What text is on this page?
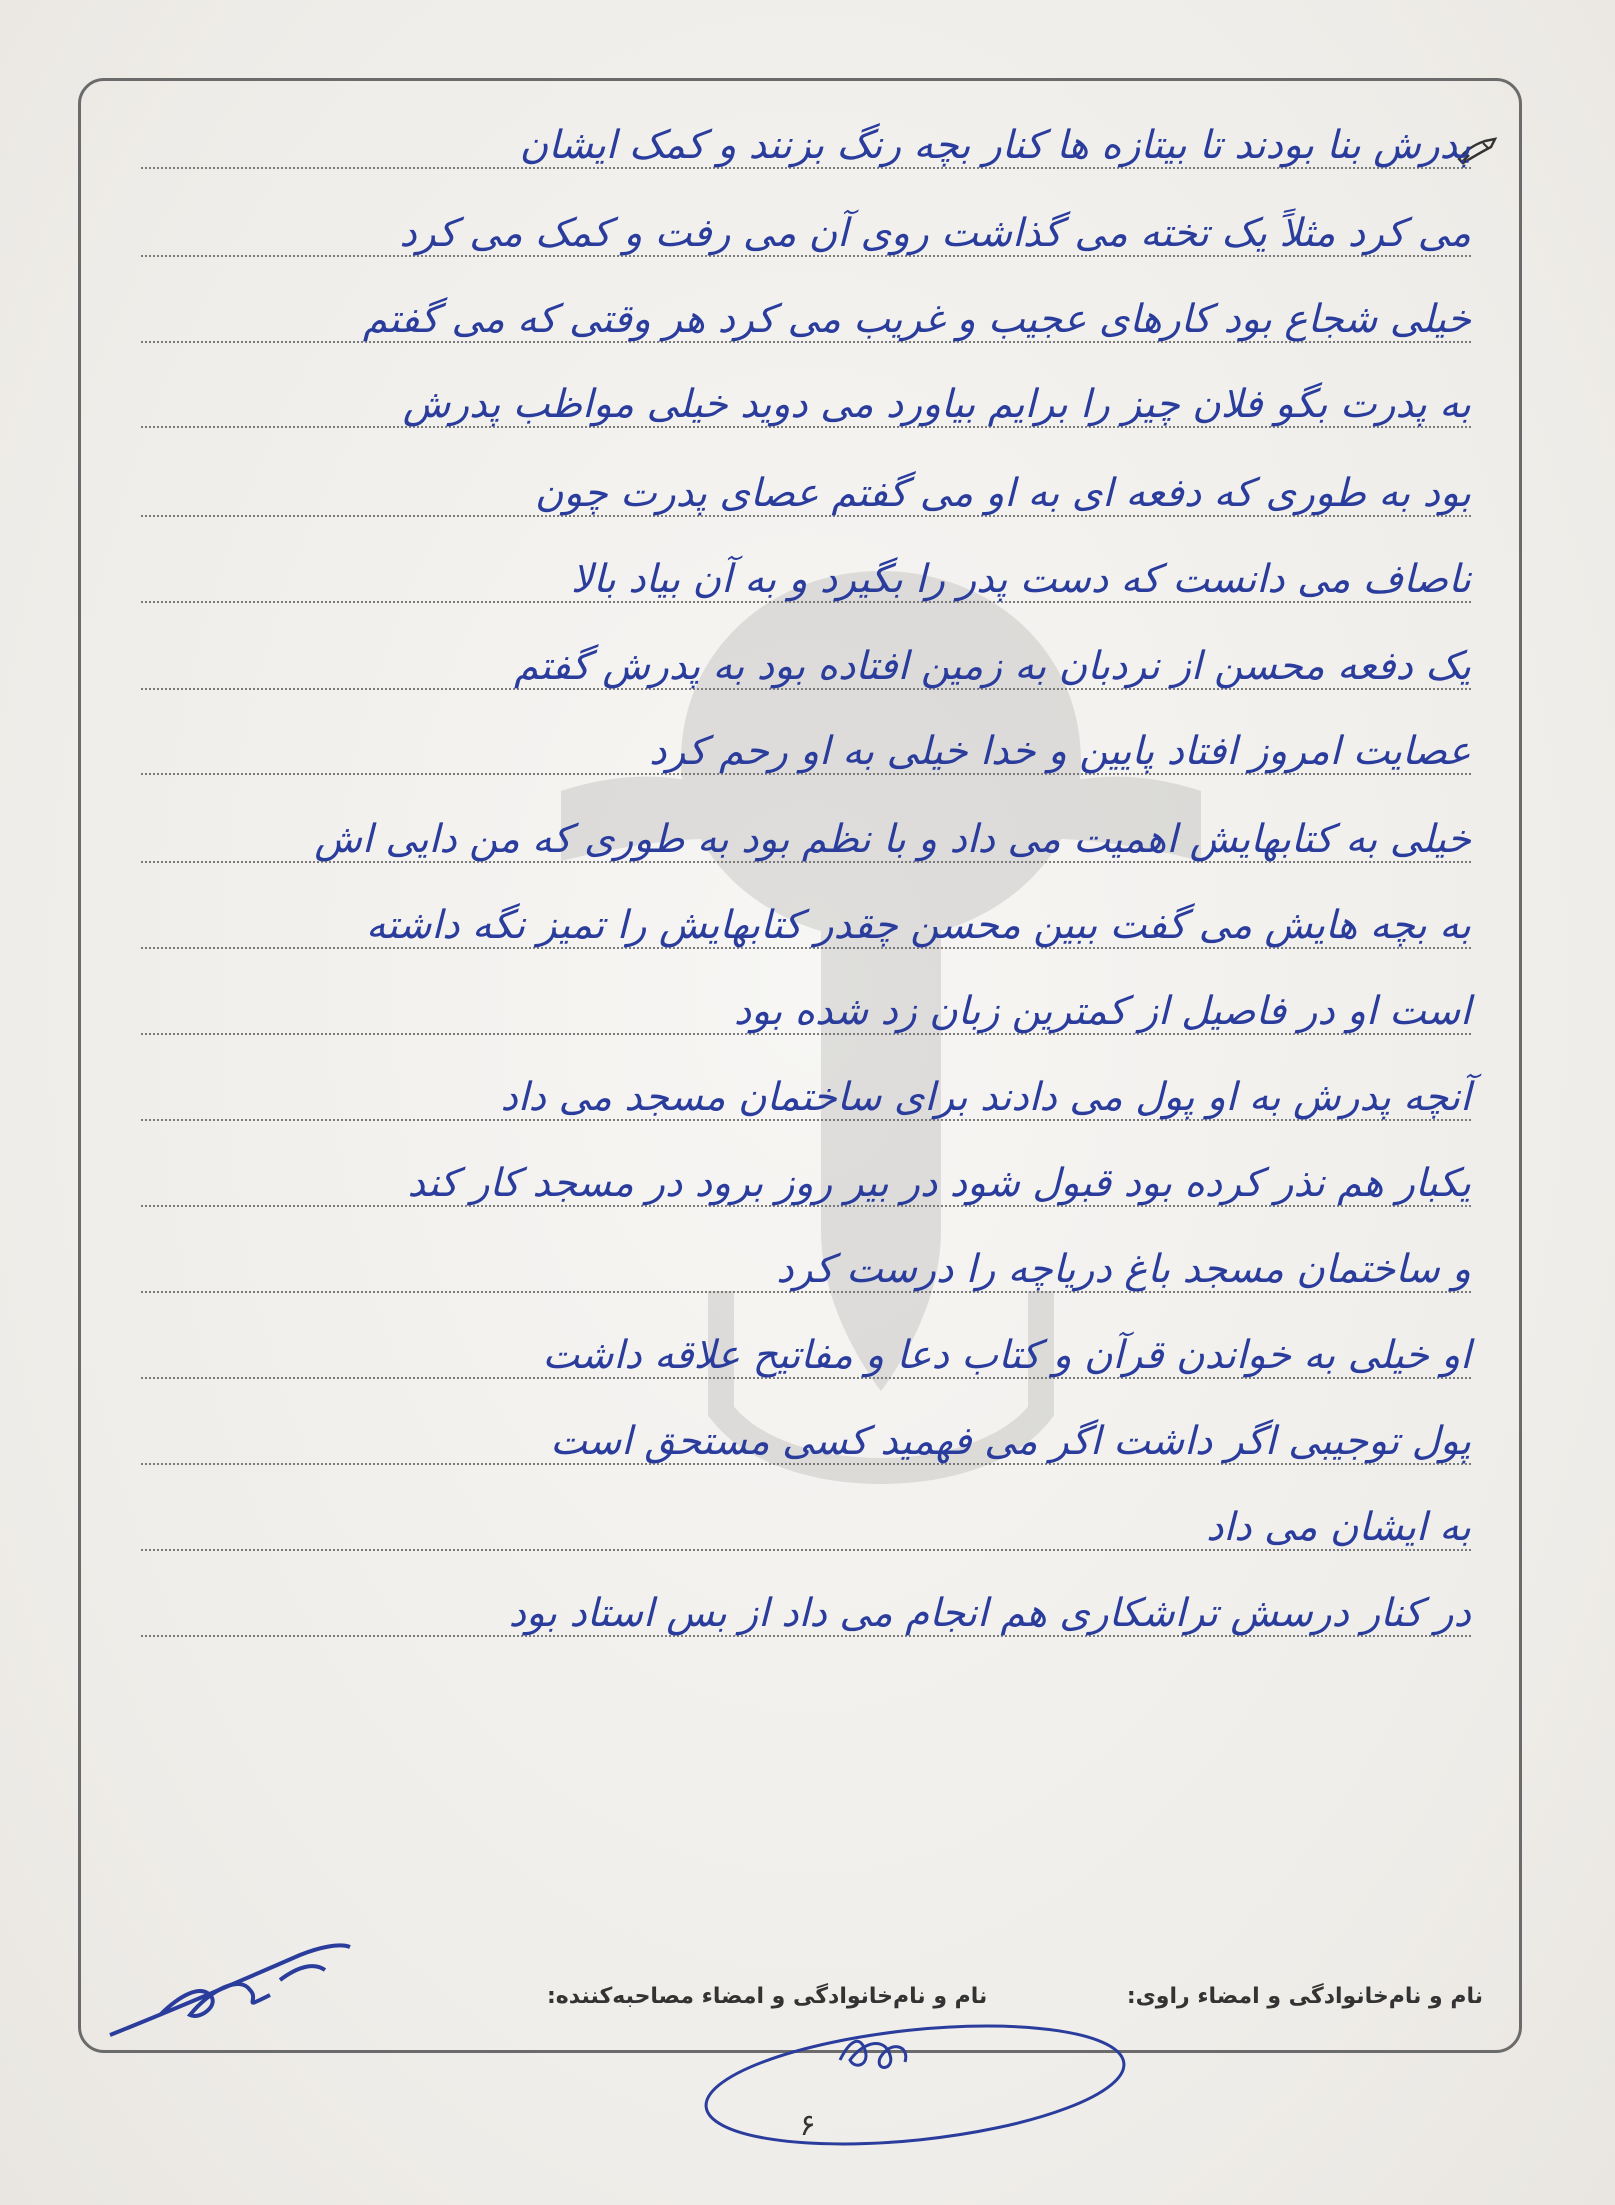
پدرش بنا بودند تا بیتازه ها کنار بچه رنگ بزنند و کمک ایشان
می کرد مثلاً یک تخته می گذاشت روی آن می رفت و کمک می کرد
خیلی شجاع بود کارهای عجیب و غریب می کرد هر وقتی که می گفتم
به پدرت بگو فلان چیز را برایم بیاورد می دوید خیلی مواظب پدرش
بود به طوری که دفعه ای به او می گفتم عصای پدرت چون
ناصاف می دانست که دست پدر را بگیرد و به آن بیاد بالا
یک دفعه محسن از نردبان به زمین افتاده بود به پدرش گفتم
عصایت امروز افتاد پایین و خدا خیلی به او رحم کرد
خیلی به کتابهایش اهمیت می داد و با نظم بود به طوری که من دایی اش
به بچه هایش می گفت ببین محسن چقدر کتابهایش را تمیز نگه داشته
است او در فاصیل از کمترین زبان زد شده بود
آنچه پدرش به او پول می دادند برای ساختمان مسجد می داد
یکبار هم نذر کرده بود قبول شود در بیر روز برود در مسجد کار کند
و ساختمان مسجد باغ دریاچه را درست کرد
او خیلی به خواندن قرآن و کتاب دعا و مفاتیح علاقه داشت
پول توجیبی اگر داشت اگر می فهمید کسی مستحق است
به ایشان می داد
در کنار درسش تراشکاری هم انجام می داد از بس استاد بود
نام و نام‌خانوادگی و امضاء راوی:
نام و نام‌خانوادگی و امضاء مصاحبه‌کننده:
۶
